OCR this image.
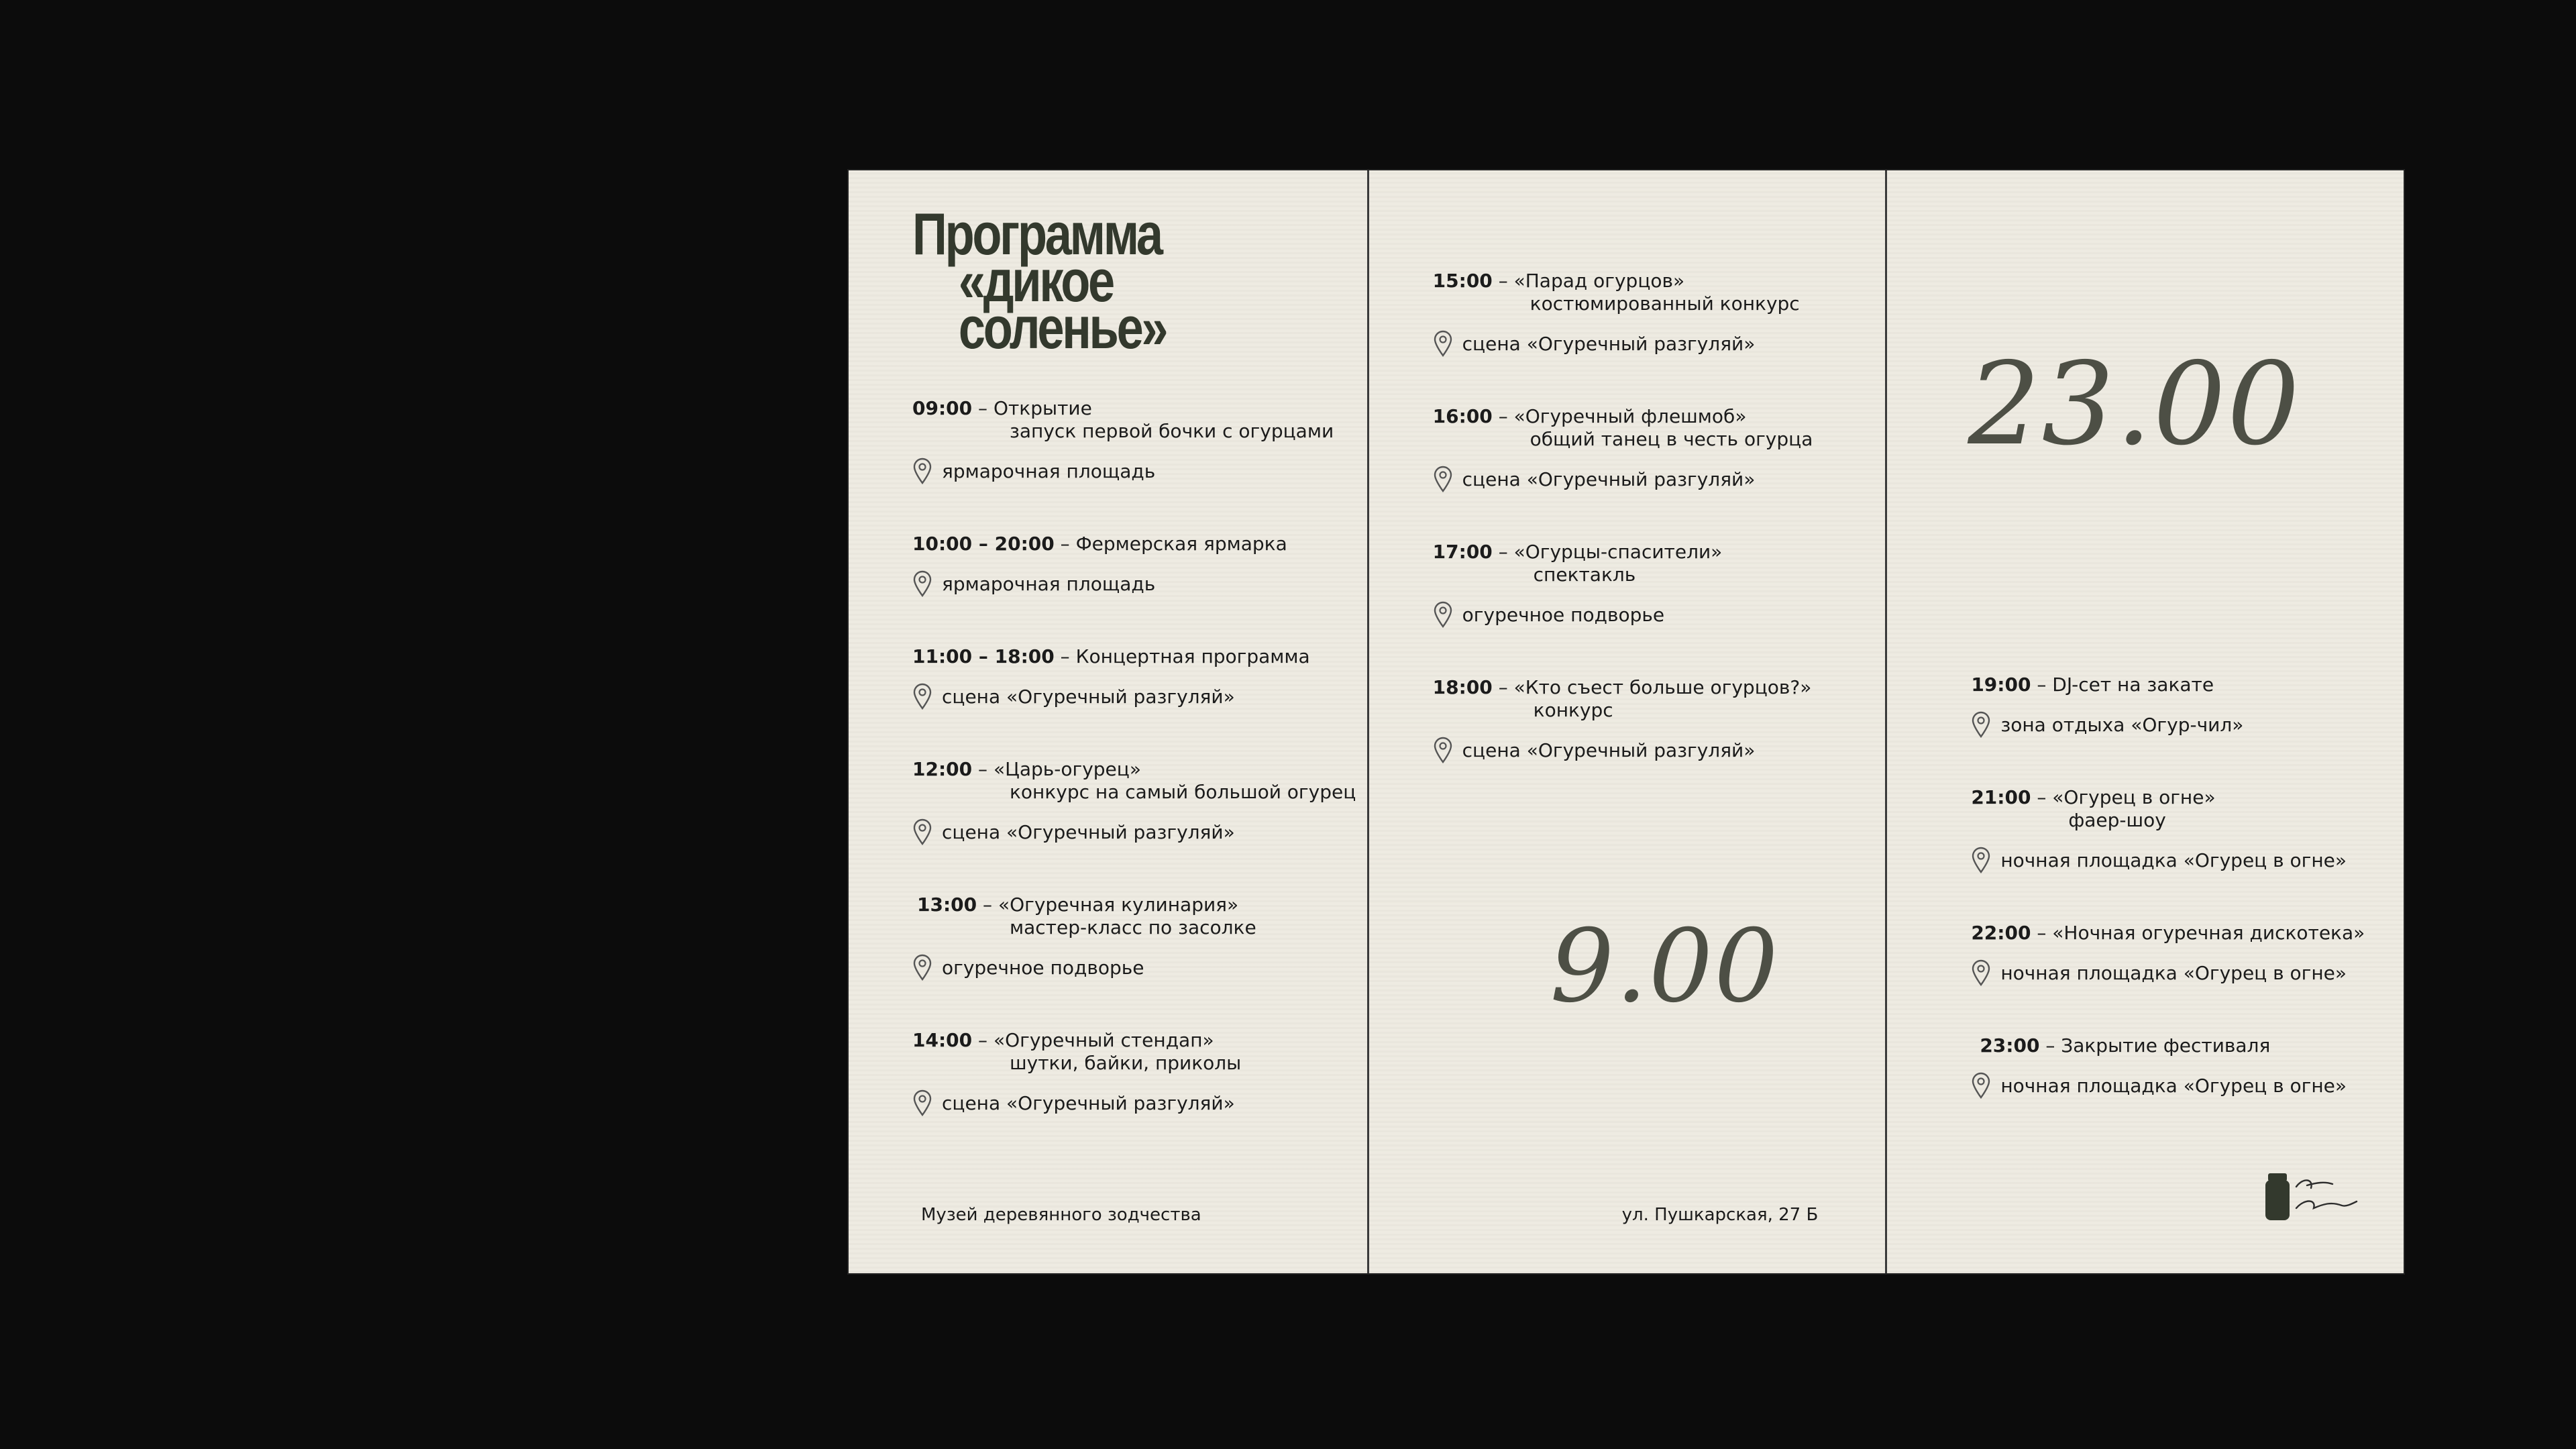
Программа
«дикое соленье»
09:00 – Открытие
запуск первой бочки с огурцами
ярмарочная площадь
10:00 – 20:00 – Фермерская ярмарка
ярмарочная площадь
11:00 – 18:00 – Концертная программа
сцена «Огуречный разгуляй»
12:00 – «Царь-огурец»
конкурс на самый большой огурец
сцена «Огуречный разгуляй»
13:00 – «Огуречная кулинария»
мастер-класс по засолке
огуречное подворье
14:00 – «Огуречный стендап»
шутки, байки, приколы
сцена «Огуречный разгуляй»
Музей деревянного зодчества
15:00 – «Парад огурцов»
костюмированный конкурс
сцена «Огуречный разгуляй»
16:00 – «Огуречный флешмоб»
общий танец в честь огурца
сцена «Огуречный разгуляй»
17:00 – «Огурцы-спасители»
спектакль
огуречное подворье
18:00 – «Кто съест больше огурцов?»
конкурс
сцена «Огуречный разгуляй»
9.00
ул. Пушкарская, 27 Б
23.00
19:00 – DJ-сет на закате
зона отдыха «Огур-чил»
21:00 – «Огурец в огне»
фаер-шоу
ночная площадка «Огурец в огне»
22:00 – «Ночная огуречная дискотека»
ночная площадка «Огурец в огне»
23:00 – Закрытие фестиваля
ночная площадка «Огурец в огне»
